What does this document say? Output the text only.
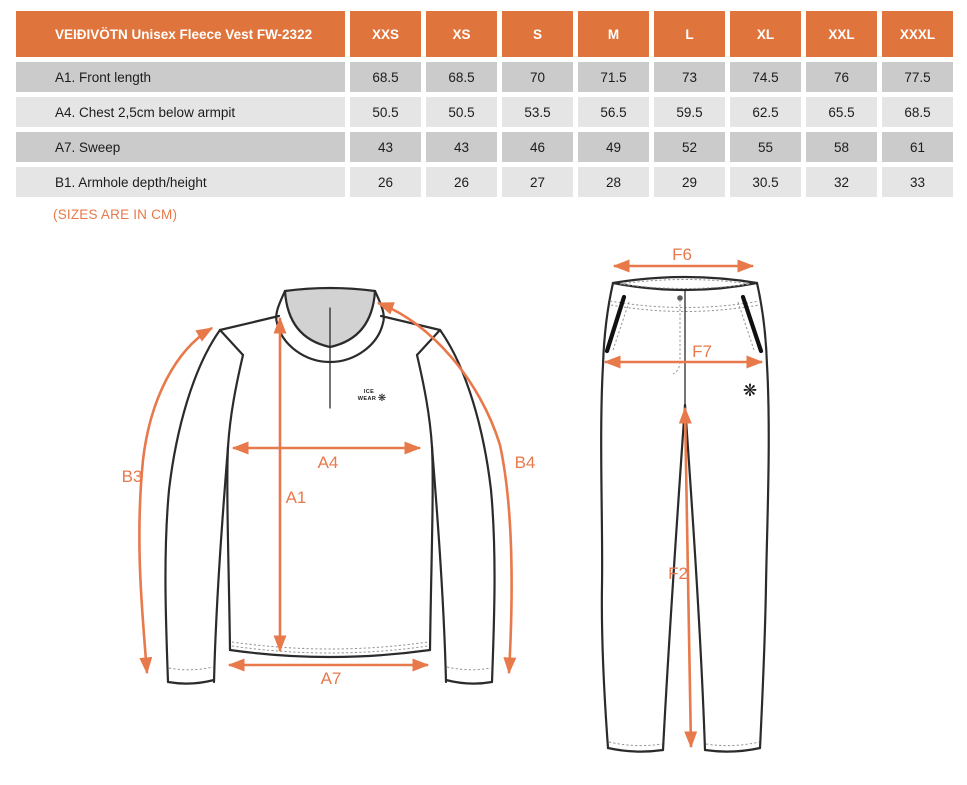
VEIÐIVÖTN Unisex Fleece Vest FW-2322	XXS	XS	S	M	L	XL	XXL	XXXL
A1. Front length	68.5	68.5	70	71.5	73	74.5	76	77.5
A4. Chest 2,5cm below armpit	50.5	50.5	53.5	56.5	59.5	62.5	65.5	68.5
A7. Sweep	43	43	46	49	52	55	58	61
B1. Armhole depth/height	26	26	27	28	29	30.5	32	33
(SIZES ARE IN CM)
ICE
WEAR ❋
B3
A4
A1
B4
A7
❋
F6
F7
F2
